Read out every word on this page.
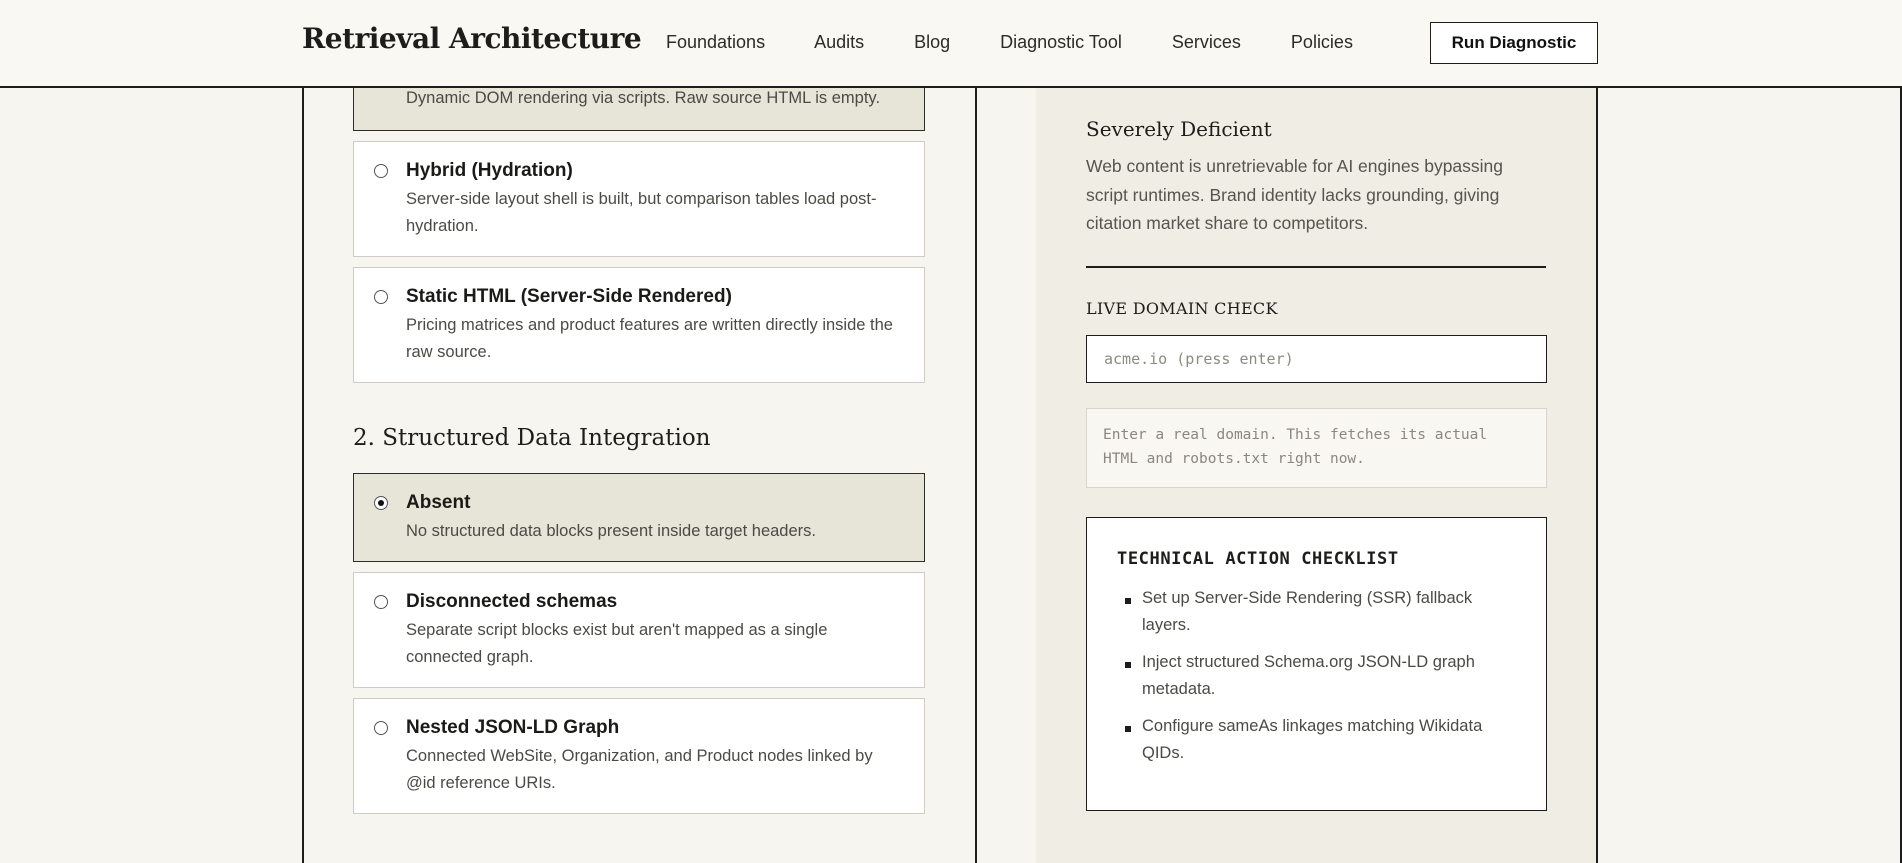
Retrieval Architecture Foundations	Audits	Blog	Diagnostic Tool	Services	Policies	Run Diagnostic
Dynamic DOM rendering via scripts. Raw source HTML is empty.
Hybrid (Hydration)
Server-side layout shell is built, but comparison tables load post-hydration.
Static HTML (Server-Side Rendered)
Pricing matrices and product features are written directly inside the raw source.
2. Structured Data Integration
Absent
No structured data blocks present inside target headers.
Disconnected schemas
Separate script blocks exist but aren't mapped as a single connected graph.
Nested JSON-LD Graph
Connected WebSite, Organization, and Product nodes linked by @id reference URIs.
Severely Deficient
Web content is unretrievable for AI engines bypassing script runtimes. Brand identity lacks grounding, giving citation market share to competitors.
LIVE DOMAIN CHECK
acme.io (press enter)
Enter a real domain. This fetches its actual HTML and robots.txt right now.
TECHNICAL ACTION CHECKLIST
Set up Server-Side Rendering (SSR) fallback layers.
Inject structured Schema.org JSON-LD graph metadata.
Configure sameAs linkages matching Wikidata QIDs.
